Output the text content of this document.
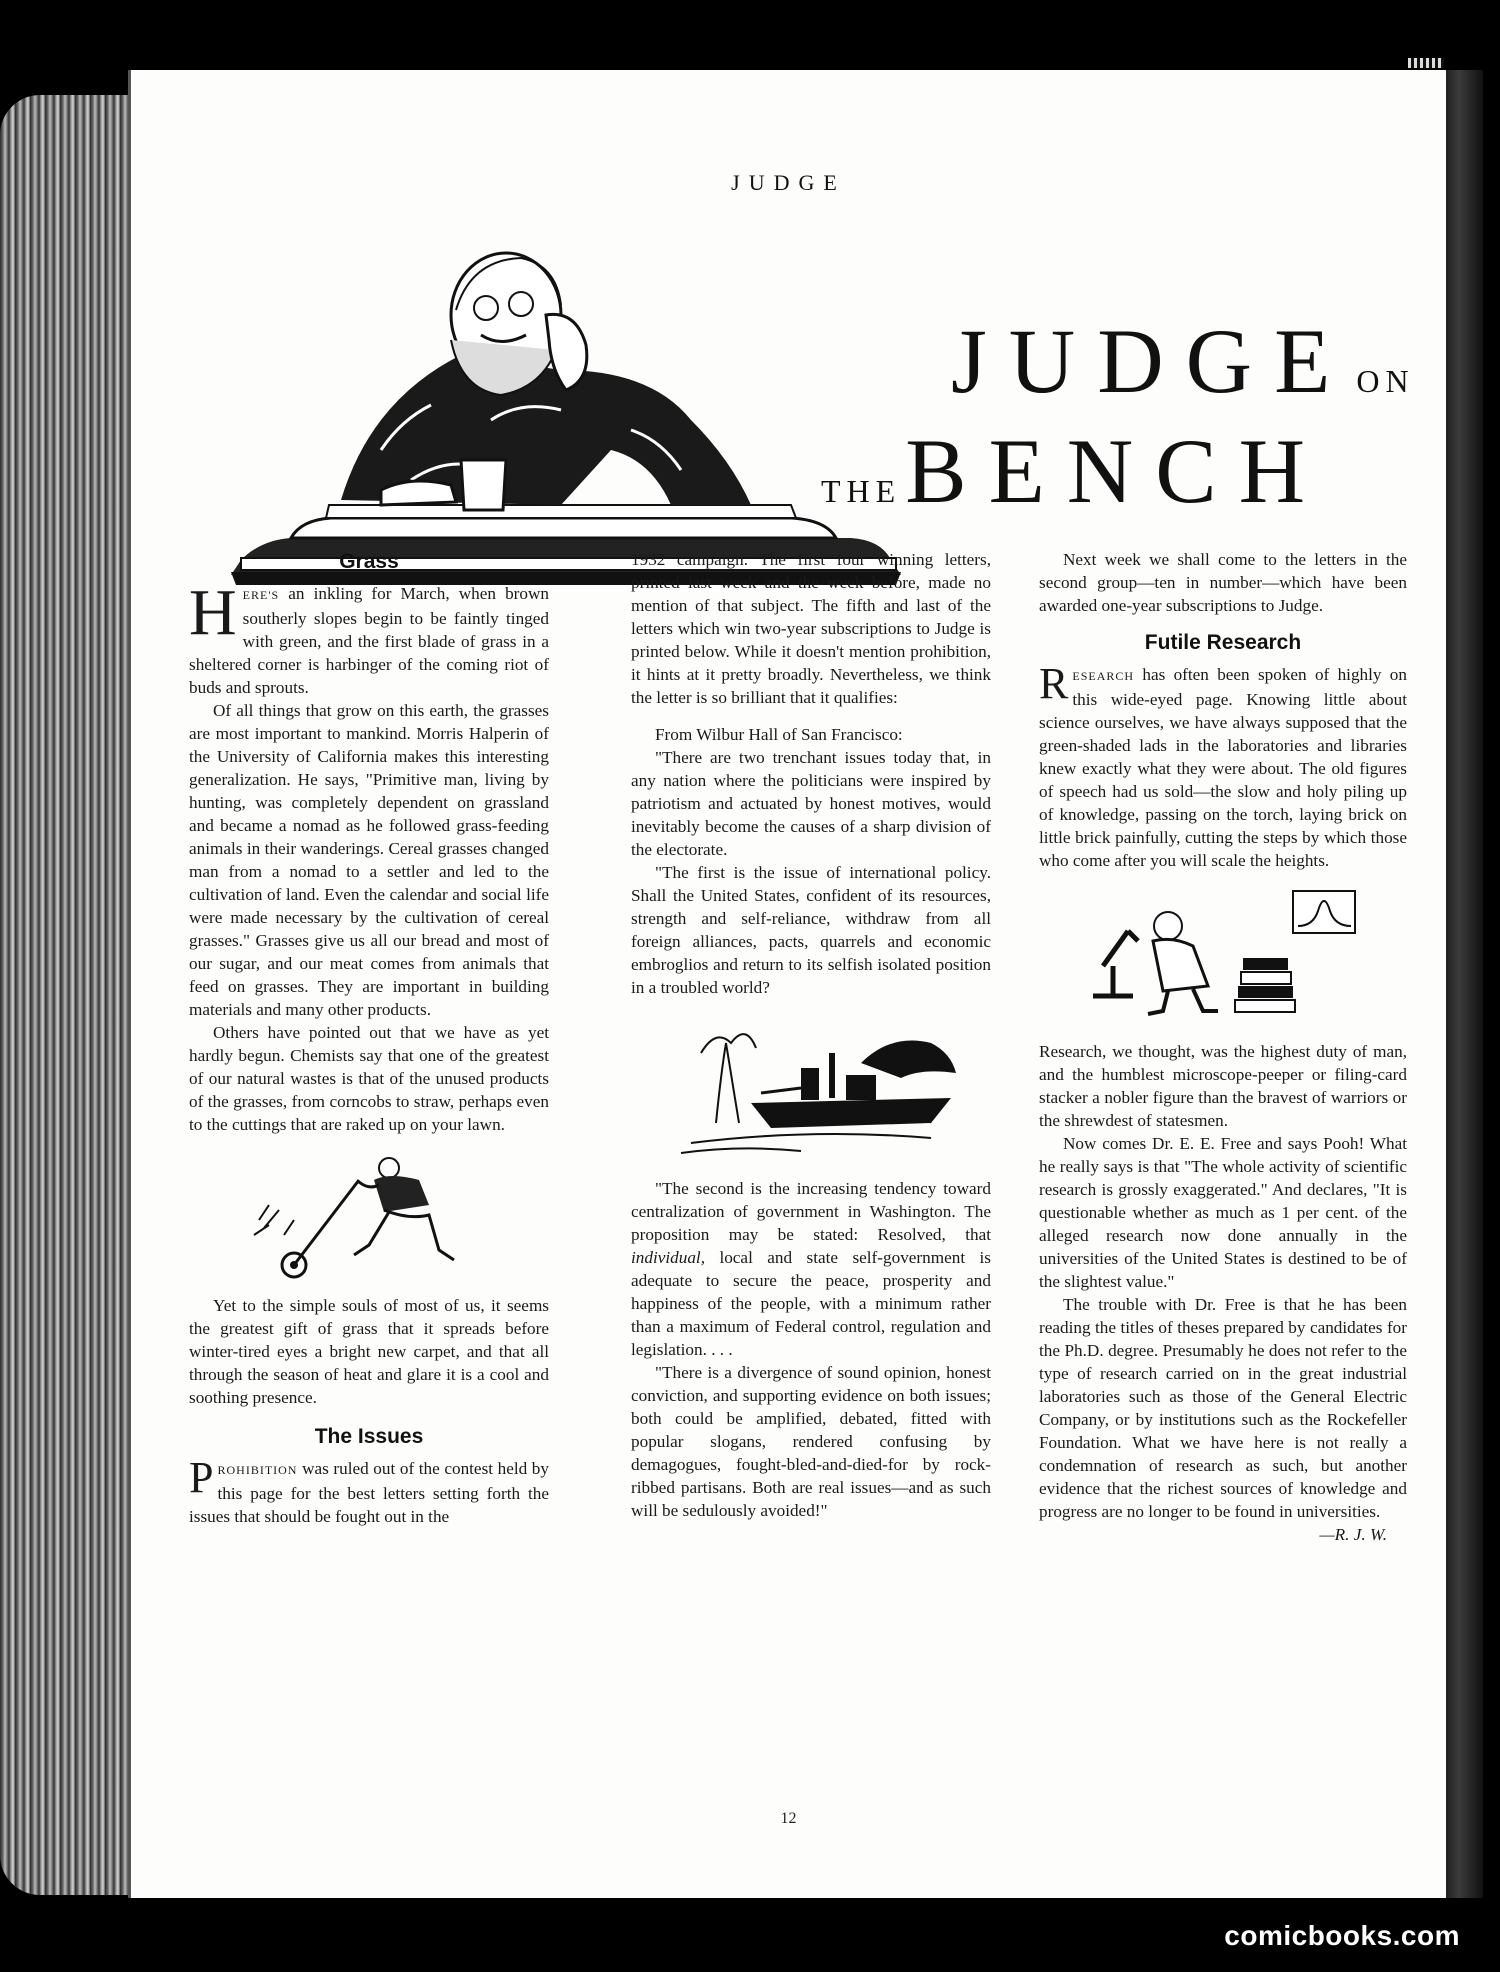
JUDGE
JUDGE ON
THE BENCH
Grass

HERE'S an inkling for March, when brown southerly slopes begin to be faintly tinged with green, and the first blade of grass in a sheltered corner is harbinger of the coming riot of buds and sprouts.

Of all things that grow on this earth, the grasses are most important to mankind. Morris Halperin of the University of California makes this interesting generalization. He says, "Primitive man, living by hunting, was completely dependent on grassland and became a nomad as he followed grass-feeding animals in their wanderings. Cereal grasses changed man from a nomad to a settler and led to the cultivation of land. Even the calendar and social life were made necessary by the cultivation of cereal grasses." Grasses give us all our bread and most of our sugar, and our meat comes from animals that feed on grasses. They are important in building materials and many other products.

Others have pointed out that we have as yet hardly begun. Chemists say that one of the greatest of our natural wastes is that of the unused products of the grasses, from corncobs to straw, perhaps even to the cuttings that are raked up on your lawn.

Yet to the simple souls of most of us, it seems the greatest gift of grass that it spreads before winter-tired eyes a bright new carpet, and that all through the season of heat and glare it is a cool and soothing presence.

The Issues

PROHIBITION was ruled out of the contest held by this page for the best letters setting forth the issues that should be fought out in the

1932 campaign. The first four winning letters, printed last week and the week before, made no mention of that subject. The fifth and last of the letters which win two-year subscriptions to Judge is printed below. While it doesn't mention prohibition, it hints at it pretty broadly. Nevertheless, we think the letter is so brilliant that it qualifies:

From Wilbur Hall of San Francisco:

"There are two trenchant issues today that, in any nation where the politicians were inspired by patriotism and actuated by honest motives, would inevitably become the causes of a sharp division of the electorate.

"The first is the issue of international policy. Shall the United States, confident of its resources, strength and self-reliance, withdraw from all foreign alliances, pacts, quarrels and economic embroglios and return to its selfish isolated position in a troubled world?

"The second is the increasing tendency toward centralization of government in Washington. The proposition may be stated: Resolved, that individual, local and state self-government is adequate to secure the peace, prosperity and happiness of the people, with a minimum rather than a maximum of Federal control, regulation and legislation. . . .

"There is a divergence of sound opinion, honest conviction, and supporting evidence on both issues; both could be amplified, debated, fitted with popular slogans, rendered confusing by demagogues, fought-bled-and-died-for by rock-ribbed partisans. Both are real issues—and as such will be sedulously avoided!"

Next week we shall come to the letters in the second group—ten in number—which have been awarded one-year subscriptions to Judge.

Futile Research

RESEARCH has often been spoken of highly on this wide-eyed page. Knowing little about science ourselves, we have always supposed that the green-shaded lads in the laboratories and libraries knew exactly what they were about. The old figures of speech had us sold—the slow and holy piling up of knowledge, passing on the torch, laying brick on little brick painfully, cutting the steps by which those who come after you will scale the heights.

Research, we thought, was the highest duty of man, and the humblest microscope-peeper or filing-card stacker a nobler figure than the bravest of warriors or the shrewdest of statesmen.

Now comes Dr. E. E. Free and says Pooh! What he really says is that "The whole activity of scientific research is grossly exaggerated." And declares, "It is questionable whether as much as 1 per cent. of the alleged research now done annually in the universities of the United States is destined to be of the slightest value."

The trouble with Dr. Free is that he has been reading the titles of theses prepared by candidates for the Ph.D. degree. Presumably he does not refer to the type of research carried on in the great industrial laboratories such as those of the General Electric Company, or by institutions such as the Rockefeller Foundation. What we have here is not really a condemnation of research as such, but another evidence that the richest sources of knowledge and progress are no longer to be found in universities.

—R. J. W.
12
comicbooks.com
